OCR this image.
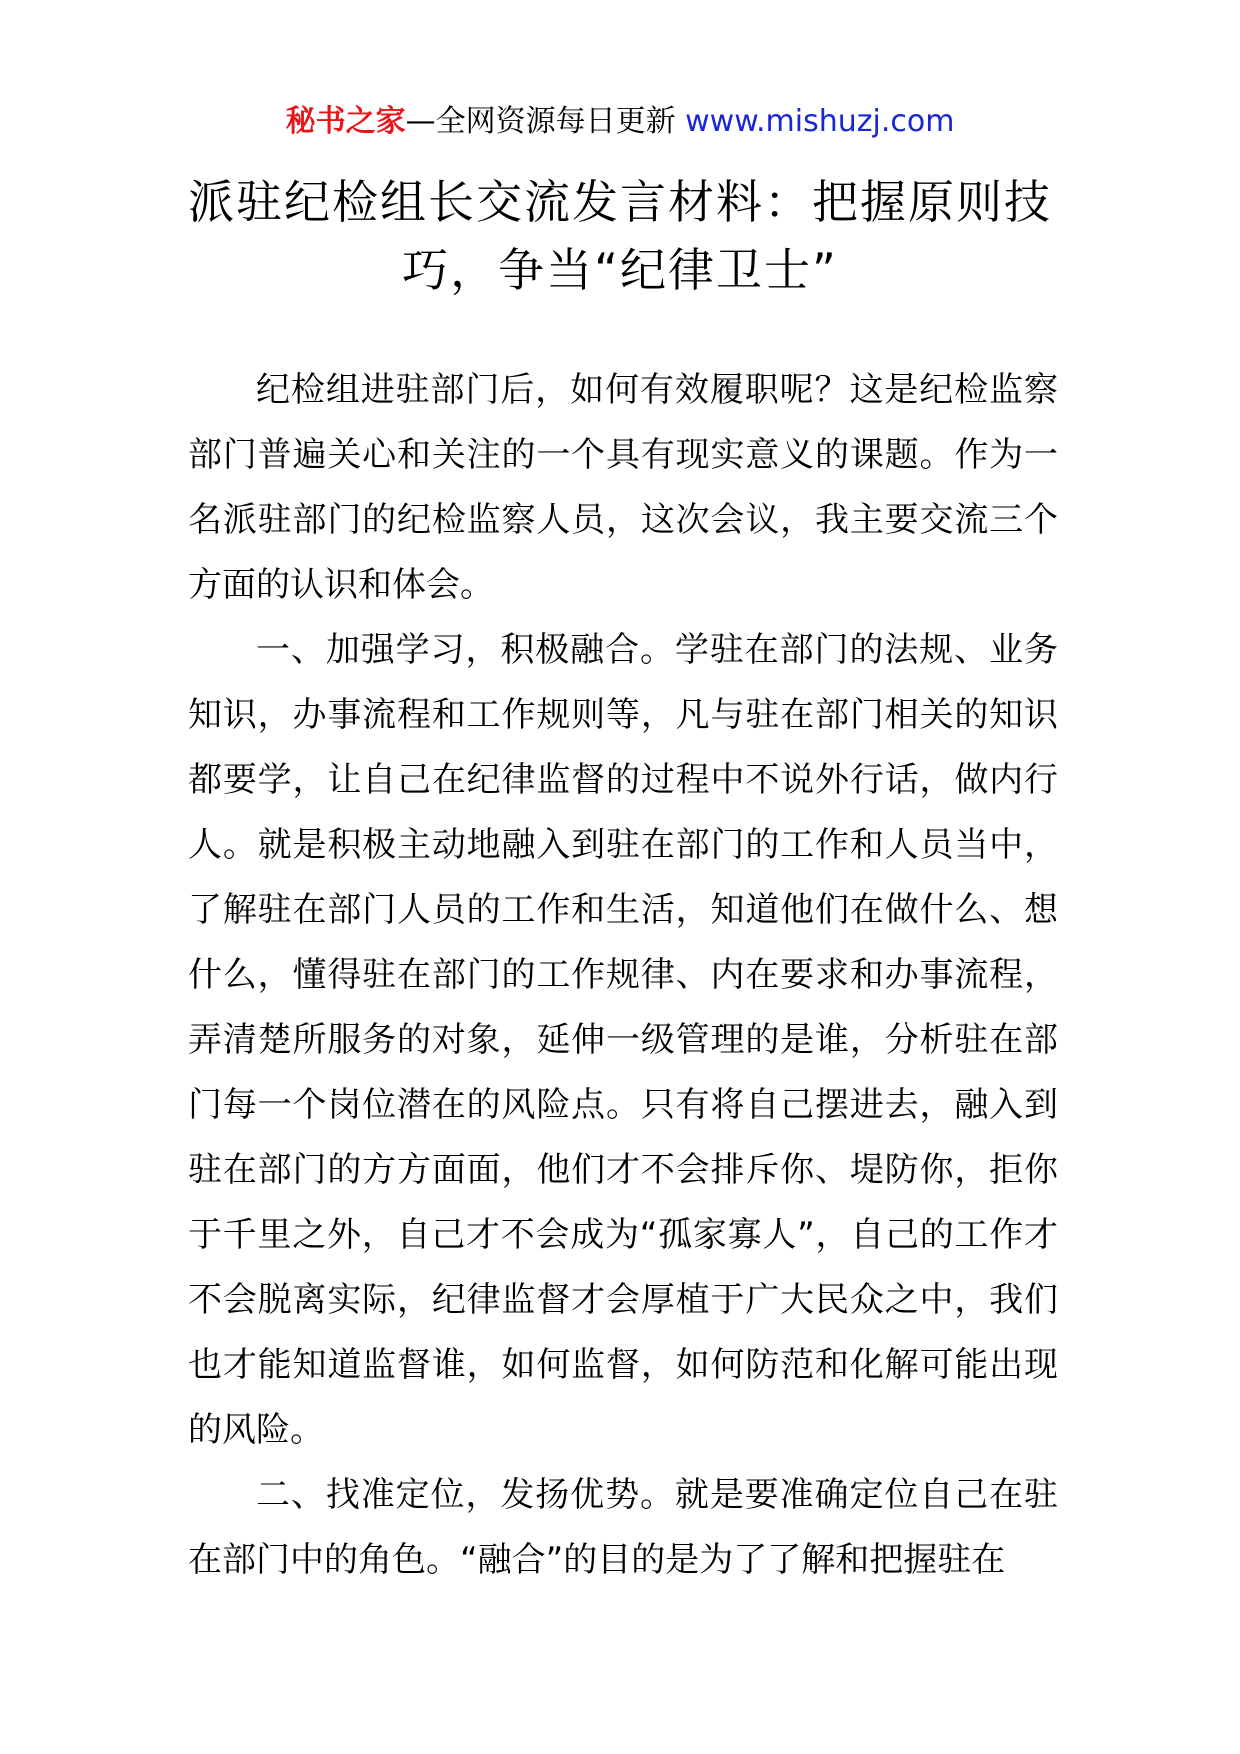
秘书之家—全网资源每日更新 www.mishuzj.com
派驻纪检组长交流发言材料：把握原则技巧，争当“纪律卫士”

纪检组进驻部门后，如何有效履职呢？这是纪检监察部门普遍关心和关注的一个具有现实意义的课题。作为一名派驻部门的纪检监察人员，这次会议，我主要交流三个方面的认识和体会。

一、加强学习，积极融合。学驻在部门的法规、业务知识，办事流程和工作规则等，凡与驻在部门相关的知识都要学，让自己在纪律监督的过程中不说外行话，做内行人。就是积极主动地融入到驻在部门的工作和人员当中，了解驻在部门人员的工作和生活，知道他们在做什么、想什么，懂得驻在部门的工作规律、内在要求和办事流程，弄清楚所服务的对象，延伸一级管理的是谁，分析驻在部门每一个岗位潜在的风险点。只有将自己摆进去，融入到驻在部门的方方面面，他们才不会排斥你、堤防你，拒你于千里之外，自己才不会成为“孤家寡人”，自己的工作才不会脱离实际，纪律监督才会厚植于广大民众之中，我们也才能知道监督谁，如何监督，如何防范和化解可能出现的风险。

二、找准定位，发扬优势。就是要准确定位自己在驻在部门中的角色。“融合”的目的是为了了解和把握驻在
